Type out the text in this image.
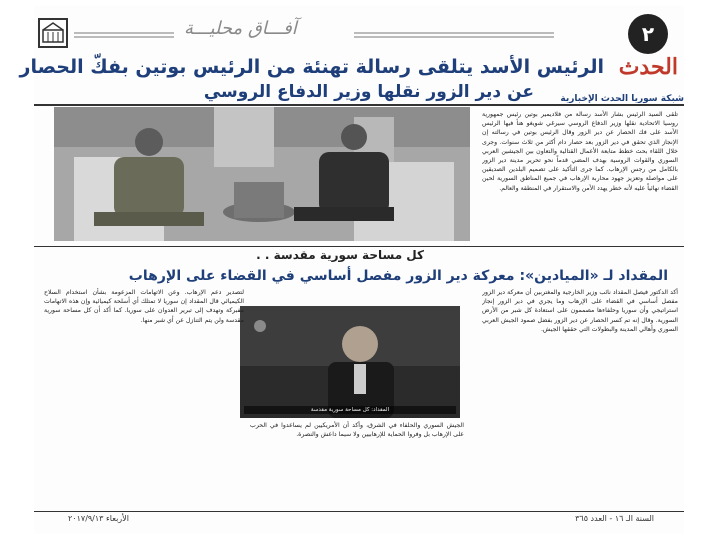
آفـــاق محليـــة	٢
الحدث
الرئيس الأسد يتلقى رسالة تهنئة من الرئيس بوتين بفكّ الحصار
شبكة سوريا الحدث الإخبارية
عن دير الزور نقلها وزير الدفاع الروسي
تلقى السيد الرئيس بشار الأسد رسالة من فلاديمير بوتين رئيس جمهورية روسيا الاتحادية نقلها وزير الدفاع الروسي سيرغي شويغو هنأ فيها الرئيس الأسد على فك الحصار عن دير الزور وقال الرئيس بوتين في رسالته إن الإنجاز الذي تحقق في دير الزور بعد حصار دام أكثر من ثلاث سنوات. وجرى خلال اللقاء بحث خطط متابعة الأعمال القتالية والتعاون بين الجيشين العربي السوري والقوات الروسية بهدف المضي قدماً نحو تحرير مدينة دير الزور بالكامل من رجس الإرهاب. كما جرى التأكيد على تصميم البلدين الصديقين على مواصلة وتعزيز جهود محاربة الإرهاب في جميع المناطق السورية لحين القضاء نهائياً عليه لأنه خطر يهدد الأمن والاستقرار في المنطقة والعالم.
كل مساحة سورية مقدسة . .
المقداد لـ «الميادين»: معركة دير الزور مفصل أساسي في القضاء على الإرهاب
أكد الدكتور فيصل المقداد نائب وزير الخارجية والمغتربين أن معركة دير الزور مفصل أساسي في القضاء على الإرهاب وما يجري في دير الزور إنجاز استراتيجي وأن سوريا وحلفاءها مصممون على استعادة كل شبر من الأرض السورية. وقال إنه تم كسر الحصار عن دير الزور بفضل صمود الجيش العربي السوري وأهالي المدينة والبطولات التي حققها الجيش.
المقداد: كل مساحة سورية مقدسة
الجيش السوري والحلفاء في الشرق، وأكد أن الأمريكيين لم يساعدوا في الحرب على الإرهاب بل وفروا الحماية للإرهابيين ولا سيما داعش والنصرة.
لتصدير دعم الإرهاب. وعن الاتهامات المزعومة بشأن استخدام السلاح الكيميائي قال المقداد إن سوريا لا تمتلك أي أسلحة كيميائية وإن هذه الاتهامات مفبركة وتهدف إلى تبرير العدوان على سوريا. كما أكد أن كل مساحة سورية مقدسة ولن يتم التنازل عن أي شبر منها.
السنة الـ ١٦ - العدد ٣٦٥
الأربعاء ٢٠١٧/٩/١٣
